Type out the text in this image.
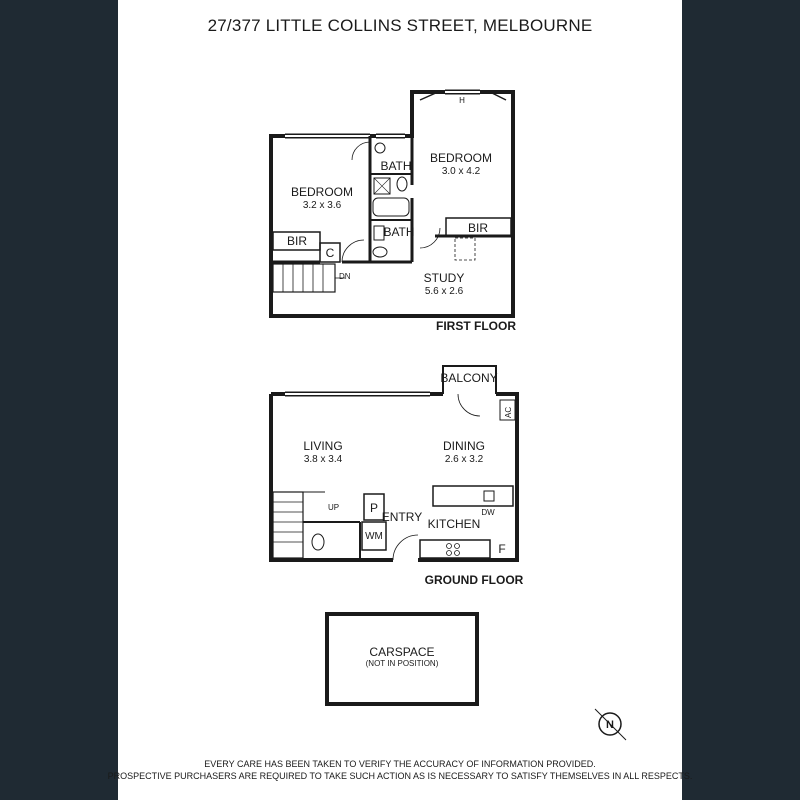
27/377 LITTLE COLLINS STREET, MELBOURNE
BEDROOM
3.2 x 3.6
BEDROOM
3.0 x 4.2
BATH
BATH
BIR
BIR
C
STUDY
5.6 x 2.6
DN
H
FIRST FLOOR
BALCONY
LIVING
3.8 x 3.4
DINING
2.6 x 3.2
KITCHEN
ENTRY
P
WM
DW
F
AC
UP
GROUND FLOOR
CARSPACE
(NOT IN POSITION)
N
EVERY CARE HAS BEEN TAKEN TO VERIFY THE ACCURACY OF INFORMATION PROVIDED.
PROSPECTIVE PURCHASERS ARE REQUIRED TO TAKE SUCH ACTION AS IS NECESSARY TO SATISFY THEMSELVES IN ALL RESPECTS.
